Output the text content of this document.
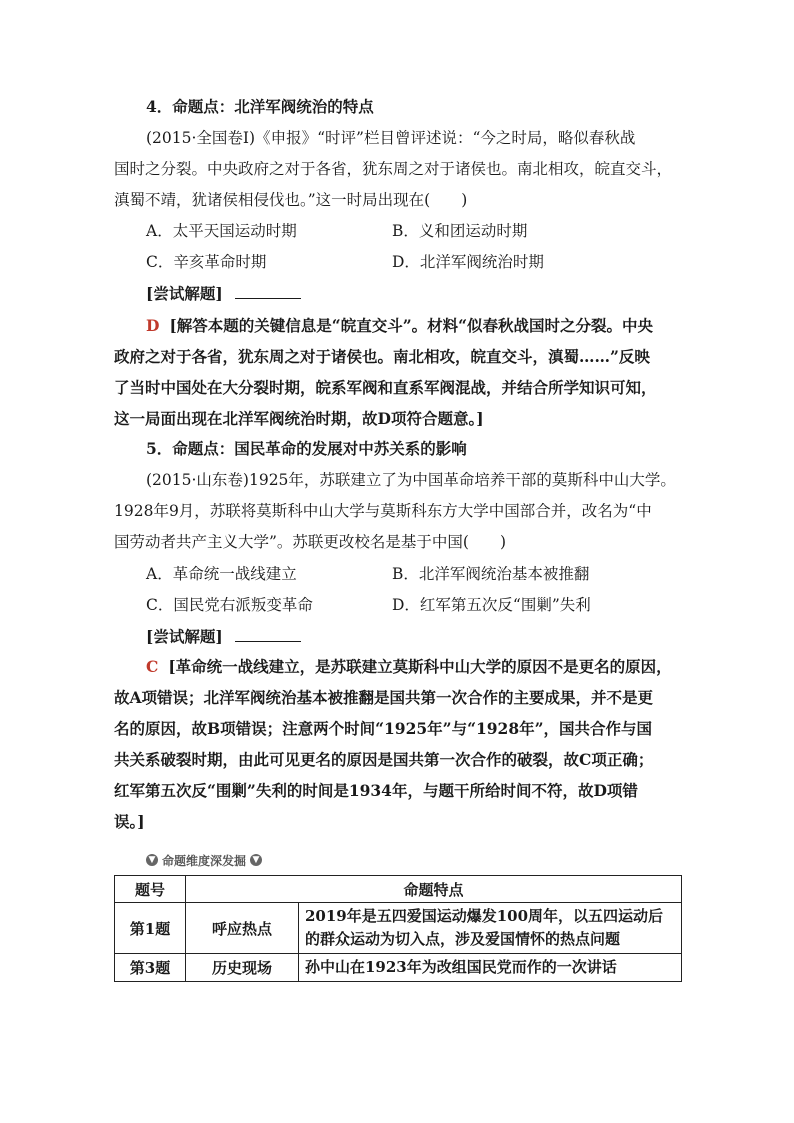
4．命题点：北洋军阀统治的特点
(2015·全国卷Ⅰ)《申报》“时评”栏目曾评述说：“今之时局，略似春秋战
国时之分裂。中央政府之对于各省，犹东周之对于诸侯也。南北相攻，皖直交斗，
滇蜀不靖，犹诸侯相侵伐也。”这一时局出现在(　　)
A．太平天国运动时期	B．义和团运动时期
C．辛亥革命时期	D．北洋军阀统治时期
[尝试解题]
D [解答本题的关键信息是“皖直交斗”。材料“似春秋战国时之分裂。中央
政府之对于各省，犹东周之对于诸侯也。南北相攻，皖直交斗，滇蜀……”反映
了当时中国处在大分裂时期，皖系军阀和直系军阀混战，并结合所学知识可知，
这一局面出现在北洋军阀统治时期，故D项符合题意。]
5．命题点：国民革命的发展对中苏关系的影响
(2015·山东卷)1925年，苏联建立了为中国革命培养干部的莫斯科中山大学。
1928年9月，苏联将莫斯科中山大学与莫斯科东方大学中国部合并，改名为“中
国劳动者共产主义大学”。苏联更改校名是基于中国(　　)
A．革命统一战线建立	B．北洋军阀统治基本被推翻
C．国民党右派叛变革命	D．红军第五次反“围剿”失利
[尝试解题]
C [革命统一战线建立，是苏联建立莫斯科中山大学的原因不是更名的原因，
故A项错误；北洋军阀统治基本被推翻是国共第一次合作的主要成果，并不是更
名的原因，故B项错误；注意两个时间“1925年”与“1928年”，国共合作与国
共关系破裂时期，由此可见更名的原因是国共第一次合作的破裂，故C项正确；
红军第五次反“围剿”失利的时间是1934年，与题干所给时间不符，故D项错
误。]
▼ 命题维度深发掘 ▼
题号	命题特点	
第1题	呼应热点	2019年是五四爱国运动爆发100周年，以五四运动后的群众运动为切入点，涉及爱国情怀的热点问题
第3题	历史现场	孙中山在1923年为改组国民党而作的一次讲话
